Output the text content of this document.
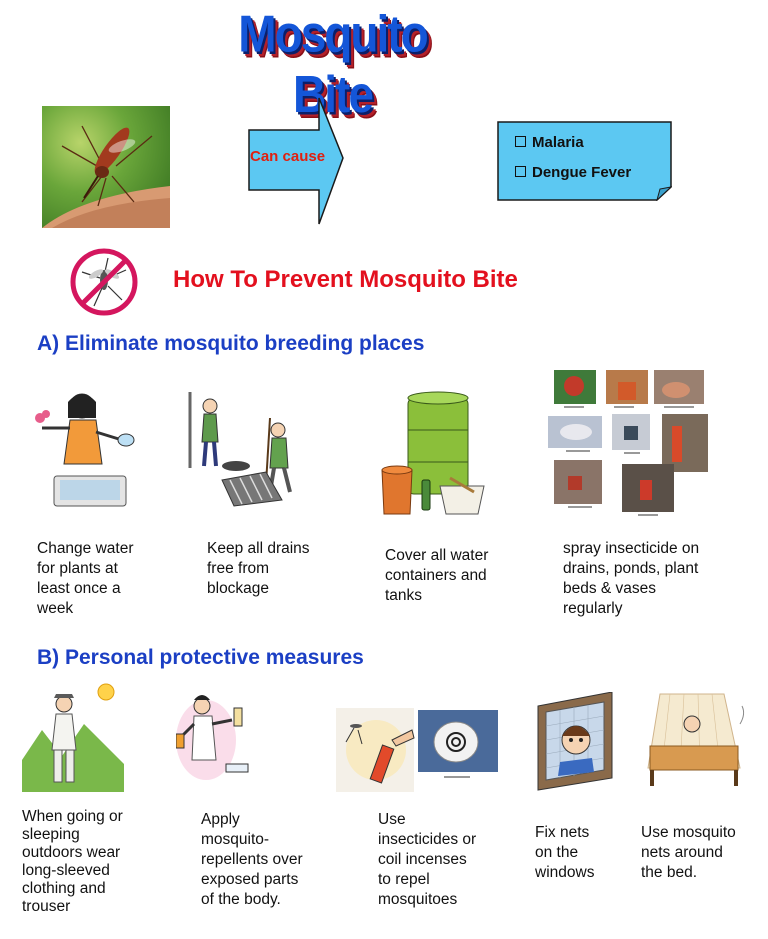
Mosquito Bite
Can cause
Malaria
Dengue Fever
How To Prevent Mosquito Bite
A) Eliminate mosquito breeding places
Change water
for plants at
least once a
week
Keep all drains
free from
blockage
Cover all water
containers and
tanks
spray insecticide on
drains, ponds, plant
beds & vases
regularly
B) Personal protective measures
When going or
sleeping
outdoors wear
long-sleeved
clothing and
trouser
Apply
mosquito-
repellents over
exposed parts
of the body.
Use
insecticides or
coil incenses
to repel
mosquitoes
Fix nets
on the
windows
Use mosquito
nets around
the bed.
